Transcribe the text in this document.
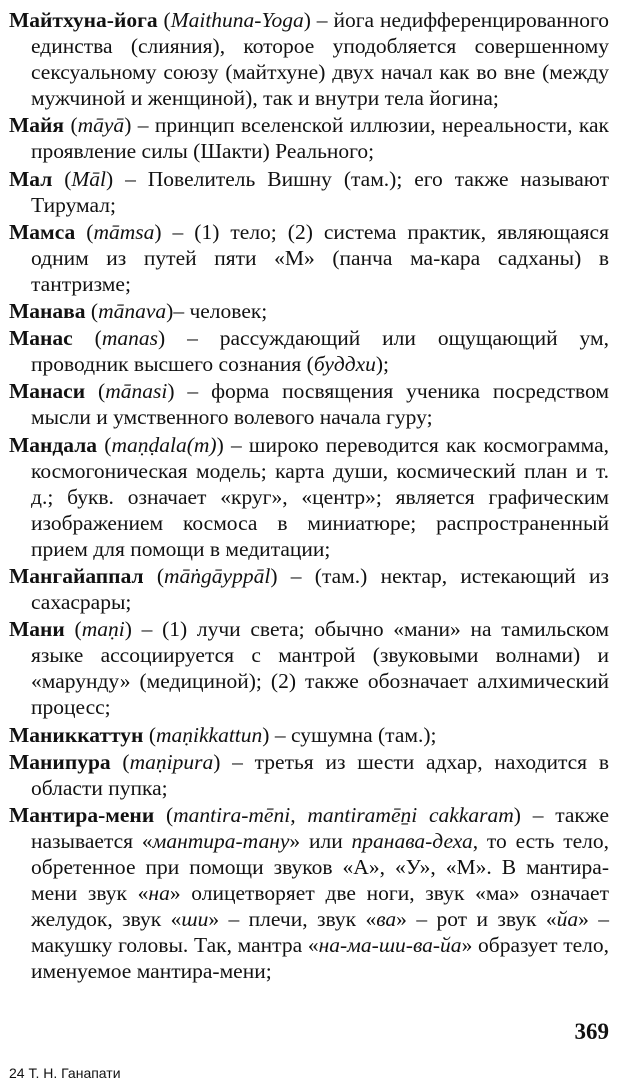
Майтхуна-йога (Maithuna-Yoga) – йога недифференцированного единства (слияния), которое уподобляется совершенному сексуальному союзу (майтхуне) двух начал как во вне (между мужчиной и женщиной), так и внутри тела йогина;

Майя (māyā) – принцип вселенской иллюзии, нереальности, как проявление силы (Шакти) Реального;

Мал (Māl) – Повелитель Вишну (там.); его также называют Тирумал;

Мамса (māmsa) – (1) тело; (2) система практик, являющаяся одним из путей пяти «М» (панча ма-кара садханы) в тантризме;

Манава (mānava)– человек;

Манас (manas) – рассуждающий или ощущающий ум, проводник высшего сознания (буддхи);

Манаси (mānasi) – форма посвящения ученика посредством мысли и умственного волевого начала гуру;

Мандала (maṇḍala(m)) – широко переводится как космограмма, космогоническая модель; карта души, космический план и т. д.; букв. означает «круг», «центр»; является графическим изображением космоса в миниатюре; распространенный прием для помощи в медитации;

Мангайаппал (māṅgāyppāl) – (там.) нектар, истекающий из сахасрары;

Мани (maṇi) – (1) лучи света; обычно «мани» на тамильском языке ассоциируется с мантрой (звуковыми волнами) и «марунду» (медициной); (2) также обозначает алхимический процесс;

Маниккаттун (maṇikkattun) – сушумна (там.);

Манипура (maṇipura) – третья из шести адхар, находится в области пупка;

Мантира-мени (mantira-mēni, mantiramēṉi cakkaram) – также называется «мантира-тану» или пранава-деха, то есть тело, обретенное при помощи звуков «А», «У», «М». В мантира-мени звук «на» олицетворяет две ноги, звук «ма» означает желудок, звук «ши» – плечи, звук «ва» – рот и звук «йа» – макушку головы. Так, мантра «на-ма-ши-ва-йа» образует тело, именуемое мантира-мени;

369
24 Т. Н. Ганапати
